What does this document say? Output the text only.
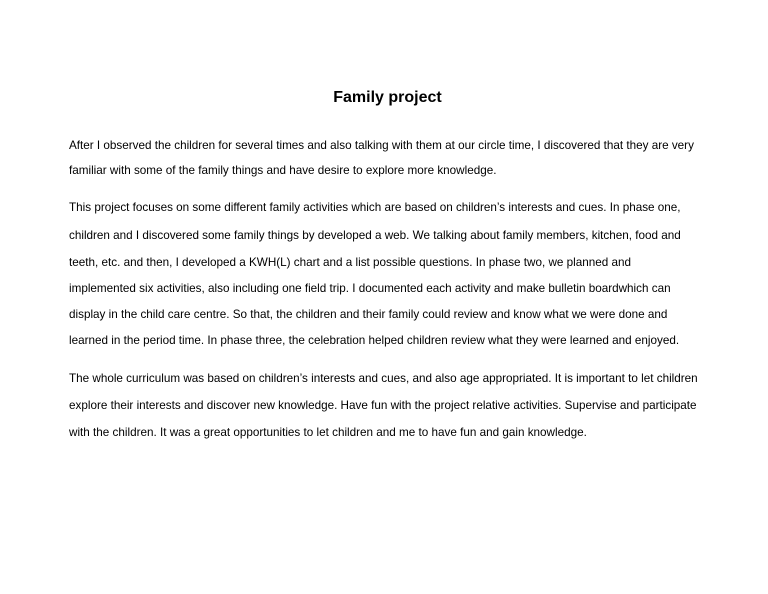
Family project

After I observed the children for several times and also talking with them at our circle time, I discovered that they are very

familiar with some of the family things and have desire to explore more knowledge.

This project focuses on some different family activities which are based on children’s interests and cues. In phase one,

children and I discovered some family things by developed a web. We talking about family members, kitchen, food and

teeth, etc. and then, I developed a KWH(L) chart and a list possible questions. In phase two, we planned and

implemented six activities, also including one field trip. I documented each activity and make bulletin boardwhich can

display in the child care centre. So that, the children and their family could review and know what we were done and

learned in the period time. In phase three, the celebration helped children review what they were learned and enjoyed.

The whole curriculum was based on children’s interests and cues, and also age appropriated. It is important to let children

explore their interests and discover new knowledge. Have fun with the project relative activities. Supervise and participate

with the children. It was a great opportunities to let children and me to have fun and gain knowledge.
